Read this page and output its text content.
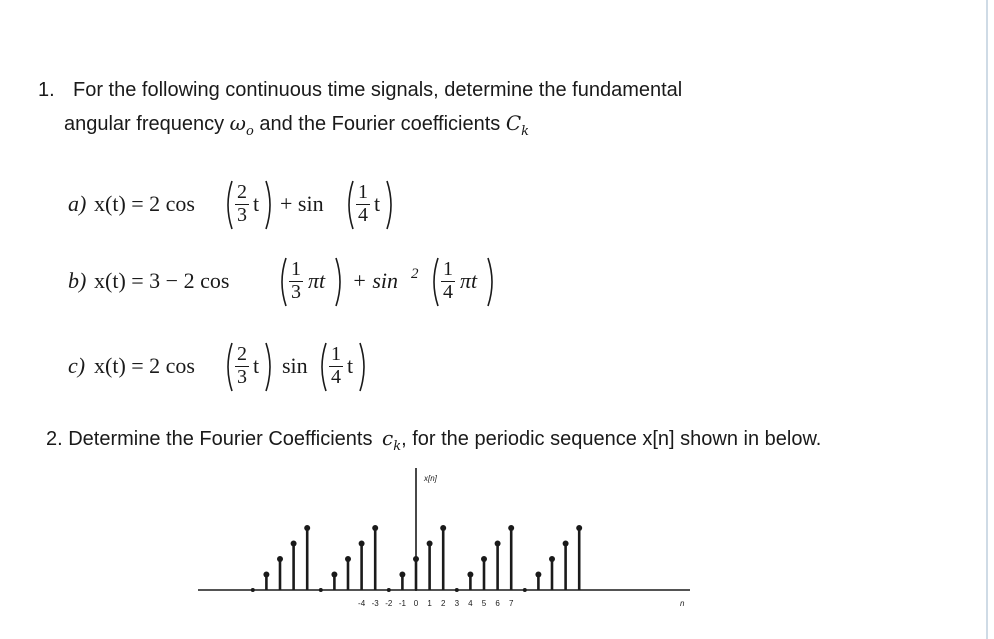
1. For the following continuous time signals, determine the fundamental
angular frequency $\omega_o$ and the Fourier coefficients $C_k$
a) x(t) = 2 cos 2
3 t + sin 1
4 t
b) x(t) = 3 − 2 cos	1
3 πt + sin 2 1
4 πt
c) x(t) = 2 cos 2
3 t sin 1
4 t
2. Determine the Fourier Coefficients $c_k$, for the periodic sequence x[n] shown in below.
x[n]
n
-4 -3 -2 -1 0 1 2 3 4 5 6 7
